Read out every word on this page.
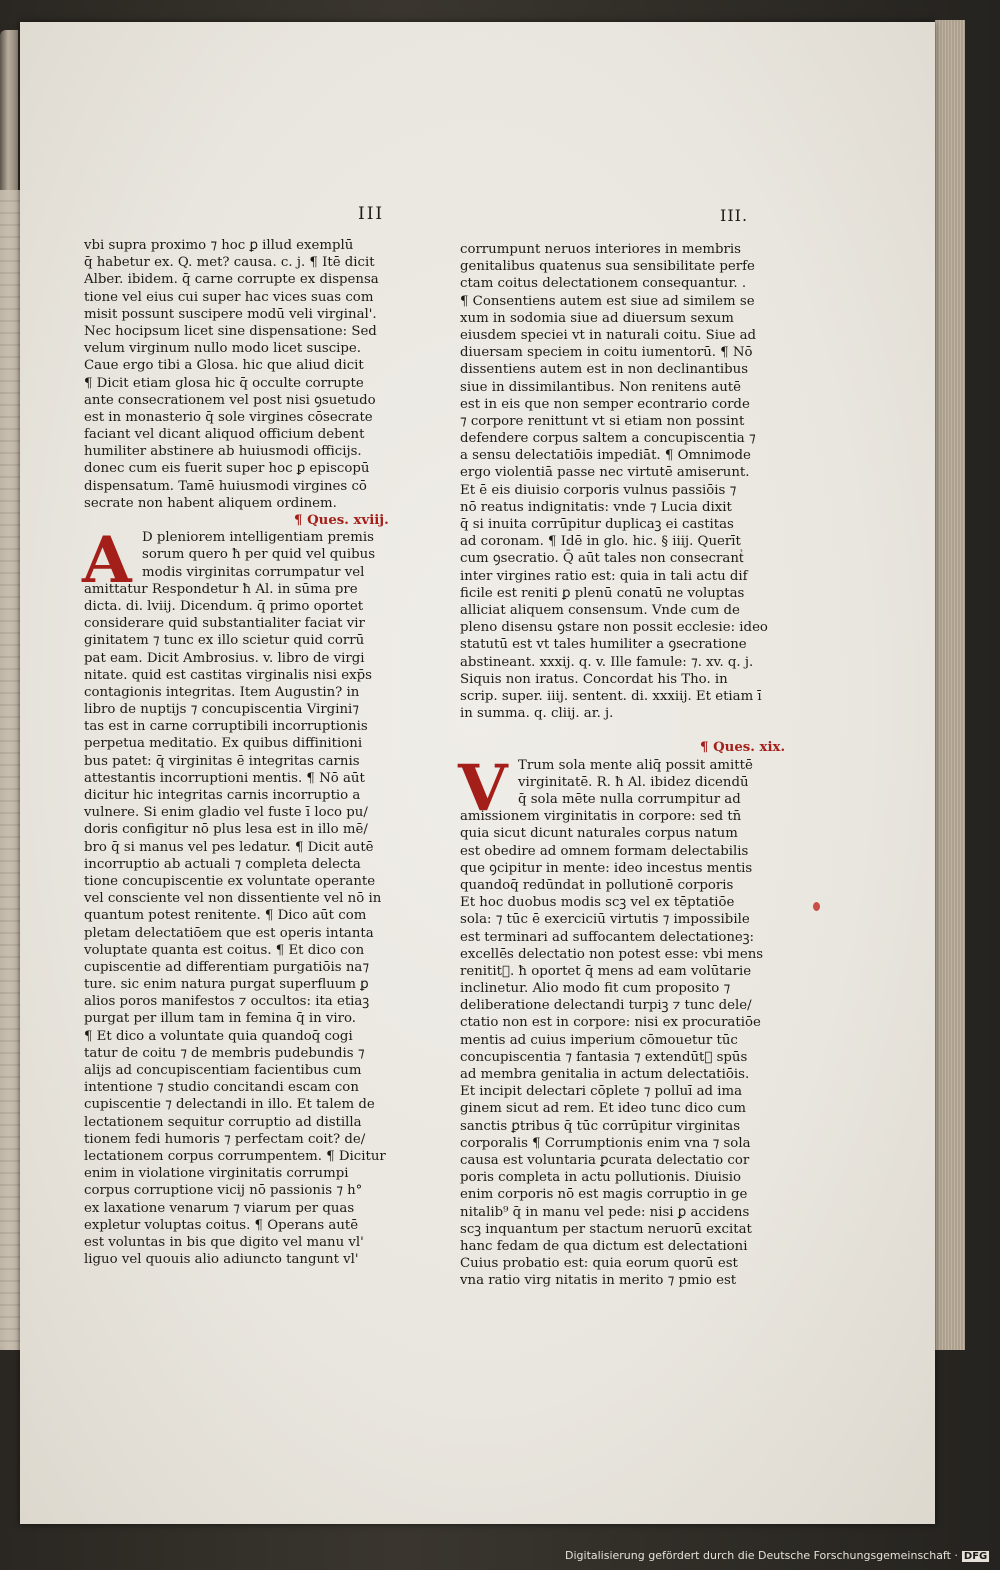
III	III.
vbi supra proximo ⁊ hoc ꝑ illud exemplū
q̄ habetur ex. Q. met? causa. c. j. ¶ Itē dicit
Alber. ibidem. q̄ carne corrupte ex dispensa
tione vel eius cui super hac vices suas com
misit possunt suscipere modū veli virginal'.
Nec hocipsum licet sine dispensatione: Sed
velum virginum nullo modo licet suscipe.
Caue ergo tibi a Glosa. hic que aliud dicit
¶ Dicit etiam glosa hic q̄ occulte corrupte
ante consecrationem vel post nisi ꝯsuetudo
est in monasterio q̄ sole virgines cōsecrate
faciant vel dicant aliquod officium debent
humiliter abstinere ab huiusmodi officijs.
donec cum eis fuerit super hoc ꝑ episcopū
dispensatum. Tamē huiusmodi virgines cō
secrate non habent aliquem ordinem.
¶ Ques. xviij.
A D pleniorem intelligentiam premis
sorum quero ħ per quid vel quibus
modis virginitas corrumpatur vel
amittatur Respondetur ħ Al. in sūma pre
dicta. di. lviij. Dicendum. q̄ primo oportet
considerare quid substantialiter faciat vir
ginitatem ⁊ tunc ex illo scietur quid corrū
pat eam. Dicit Ambrosius. v. libro de virgi
nitate. quid est castitas virginalis nisi exp̄s
contagionis integritas. Item Augustin? in
libro de nuptijs ⁊ concupiscentia Virgini⁊
tas est in carne corruptibili incorruptionis
perpetua meditatio. Ex quibus diffinitioni
bus patet: q̄ virginitas ē integritas carnis
attestantis incorruptioni mentis. ¶ Nō aūt
dicitur hic integritas carnis incorruptio a
vulnere. Si enim gladio vel fuste ī loco pu/
doris configitur nō plus lesa est in illo mē/
bro q̄ si manus vel pes ledatur. ¶ Dicit autē
incorruptio ab actuali ⁊ completa delecta
tione concupiscentie ex voluntate operante
vel consciente vel non dissentiente vel nō in
quantum potest renitente. ¶ Dico aūt com
pletam delectatiōem que est operis intanta
voluptate quanta est coitus. ¶ Et dico con
cupiscentie ad differentiam purgatiōis na⁊
ture. sic enim natura purgat superfluum ꝑ
alios poros manifestos ⁊ occultos: ita etiaꝫ
purgat per illum tam in femina q̄ in viro.
¶ Et dico a voluntate quia quandoq̄ cogi
tatur de coitu ⁊ de membris pudebundis ⁊
alijs ad concupiscentiam facientibus cum
intentione ⁊ studio concitandi escam con
cupiscentie ⁊ delectandi in illo. Et talem de
lectationem sequitur corruptio ad distilla
tionem fedi humoris ⁊ perfectam coit? de/
lectationem corpus corrumpentem. ¶ Dicitur
enim in violatione virginitatis corrumpi
corpus corruptione vicij nō passionis ⁊ h°
ex laxatione venarum ⁊ viarum per quas
expletur voluptas coitus. ¶ Operans autē
est voluntas in bis que digito vel manu vl'
liguo vel quouis alio adiuncto tangunt vl'
corrumpunt neruos interiores in membris
genitalibus quatenus sua sensibilitate perfe
ctam coitus delectationem consequantur. .
¶ Consentiens autem est siue ad similem se
xum in sodomia siue ad diuersum sexum
eiusdem speciei vt in naturali coitu. Siue ad
diuersam speciem in coitu iumentorū. ¶ Nō
dissentiens autem est in non declinantibus
siue in dissimilantibus. Non renitens autē
est in eis que non semper econtrario corde
⁊ corpore renittunt vt si etiam non possint
defendere corpus saltem a concupiscentia ⁊
a sensu delectatiōis impediāt. ¶ Omnimode
ergo violentiā passe nec virtutē amiserunt.
Et ē eis diuisio corporis vulnus passiōis ⁊
nō reatus indignitatis: vnde ⁊ Lucia dixit
q̄ si inuita corrūpitur duplicaꝫ ei castitas
ad coronam. ¶ Idē in glo. hic. § iiij. Querīt
cum ꝯsecratio. Q̄ aūt tales non consecrantᷣ
inter virgines ratio est: quia in tali actu dif
ficile est reniti ꝑ plenū conatū ne voluptas
alliciat aliquem consensum. Vnde cum de
pleno disensu ꝯstare non possit ecclesie: ideo
statutū est vt tales humiliter a ꝯsecratione
abstineant. xxxij. q. v. Ille famule: ⁊. xv. q. j.
Siquis non iratus. Concordat his Tho. in
scrip. super. iiij. sentent. di. xxxiij. Et etiam ī
in summa. q. cliij. ar. j.
¶ Ques. xix.
V Trum sola mente aliq̄ possit amittē
virginitatē. R. ħ Al. ibidez dicendū
q̄ sola mēte nulla corrumpitur ad
amissionem virginitatis in corpore: sed tn̄
quia sicut dicunt naturales corpus natum
est obedire ad omnem formam delectabilis
que ꝯcipitur in mente: ideo incestus mentis
quandoq̄ redūndat in pollutionē corporis
Et hoc duobus modis scꝫ vel ex tēptatiōe
sola: ⁊ tūc ē exerciciū virtutis ⁊ impossibile
est terminari ad suffocantem delectationeꝫ:
excellēs delectatio non potest esse: vbi mens
renititᷣ. ħ oportet q̄ mens ad eam volūtarie
inclinetur. Alio modo fit cum proposito ⁊
deliberatione delectandi turpiꝫ ⁊ tunc dele/
ctatio non est in corpore: nisi ex procuratiōe
mentis ad cuius imperium cōmouetur tūc
concupiscentia ⁊ fantasia ⁊ extendūtᷣ spūs
ad membra genitalia in actum delectatiōis.
Et incipit delectari cōplete ⁊ polluī ad ima
ginem sicut ad rem. Et ideo tunc dico cum
sanctis ꝑtribus q̄ tūc corrūpitur virginitas
corporalis ¶ Corrumptionis enim vna ⁊ sola
causa est voluntaria ꝑcurata delectatio cor
poris completa in actu pollutionis. Diuisio
enim corporis nō est magis corruptio in ge
nitalib⁹ q̄ in manu vel pede: nisi ꝑ accidens
scꝫ inquantum per stactum neruorū excitat
hanc fedam de qua dictum est delectationi
Cuius probatio est: quia eorum quorū est
vna ratio virg nitatis in merito ⁊ pmio est
Digitalisierung gefördert durch die Deutsche Forschungsgemeinschaft · DFG
